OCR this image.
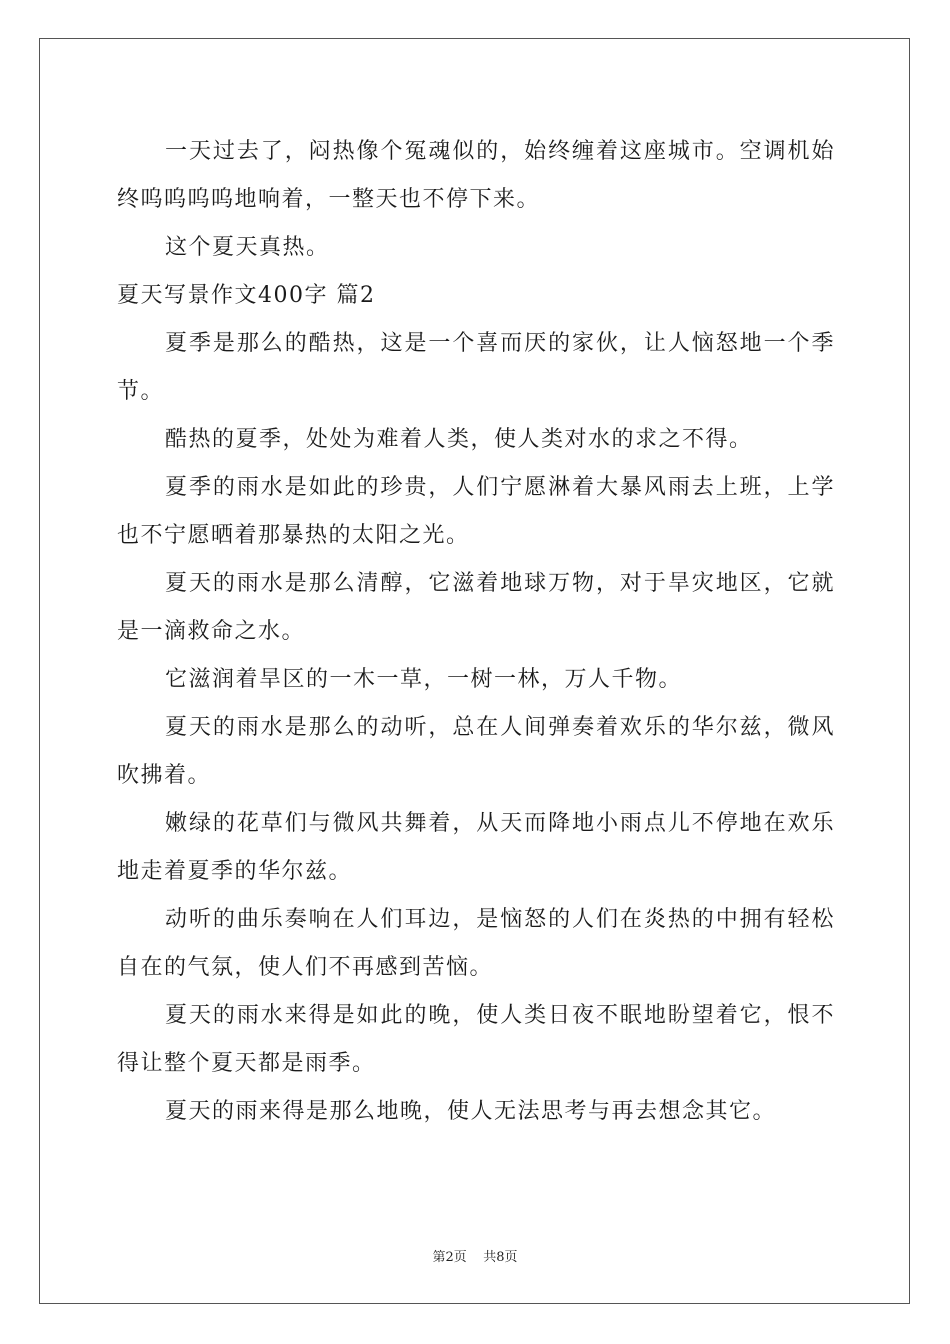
一天过去了，闷热像个冤魂似的，始终缠着这座城市。空调机始终呜呜呜呜地响着，一整天也不停下来。

这个夏天真热。

夏天写景作文400字 篇2

夏季是那么的酷热，这是一个喜而厌的家伙，让人恼怒地一个季节。

酷热的夏季，处处为难着人类，使人类对水的求之不得。

夏季的雨水是如此的珍贵，人们宁愿淋着大暴风雨去上班，上学也不宁愿晒着那暴热的太阳之光。

夏天的雨水是那么清醇，它滋着地球万物，对于旱灾地区，它就是一滴救命之水。

它滋润着旱区的一木一草，一树一林，万人千物。

夏天的雨水是那么的动听，总在人间弹奏着欢乐的华尔兹，微风吹拂着。

嫩绿的花草们与微风共舞着，从天而降地小雨点儿不停地在欢乐地走着夏季的华尔兹。

动听的曲乐奏响在人们耳边，是恼怒的人们在炎热的中拥有轻松自在的气氛，使人们不再感到苦恼。

夏天的雨水来得是如此的晚，使人类日夜不眠地盼望着它，恨不得让整个夏天都是雨季。

夏天的雨来得是那么地晚，使人无法思考与再去想念其它。

第2页    共8页
